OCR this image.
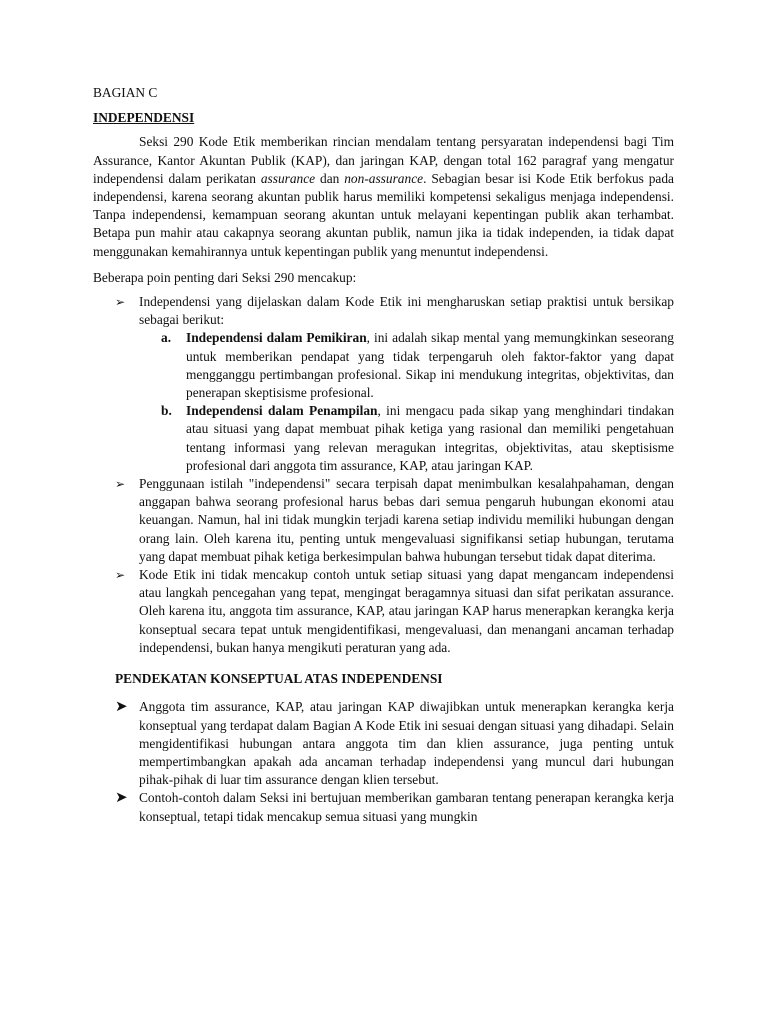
BAGIAN C

INDEPENDENSI

Seksi 290 Kode Etik memberikan rincian mendalam tentang persyaratan independensi bagi Tim Assurance, Kantor Akuntan Publik (KAP), dan jaringan KAP, dengan total 162 paragraf yang mengatur independensi dalam perikatan assurance dan non-assurance. Sebagian besar isi Kode Etik berfokus pada independensi, karena seorang akuntan publik harus memiliki kompetensi sekaligus menjaga independensi. Tanpa independensi, kemampuan seorang akuntan untuk melayani kepentingan publik akan terhambat. Betapa pun mahir atau cakapnya seorang akuntan publik, namun jika ia tidak independen, ia tidak dapat menggunakan kemahirannya untuk kepentingan publik yang menuntut independensi.

Beberapa poin penting dari Seksi 290 mencakup:

➢ Independensi yang dijelaskan dalam Kode Etik ini mengharuskan setiap praktisi untuk bersikap sebagai berikut:
a. Independensi dalam Pemikiran, ini adalah sikap mental yang memungkinkan seseorang untuk memberikan pendapat yang tidak terpengaruh oleh faktor-faktor yang dapat mengganggu pertimbangan profesional. Sikap ini mendukung integritas, objektivitas, dan penerapan skeptisisme profesional.
b. Independensi dalam Penampilan, ini mengacu pada sikap yang menghindari tindakan atau situasi yang dapat membuat pihak ketiga yang rasional dan memiliki pengetahuan tentang informasi yang relevan meragukan integritas, objektivitas, atau skeptisisme profesional dari anggota tim assurance, KAP, atau jaringan KAP.
➢ Penggunaan istilah "independensi" secara terpisah dapat menimbulkan kesalahpahaman, dengan anggapan bahwa seorang profesional harus bebas dari semua pengaruh hubungan ekonomi atau keuangan. Namun, hal ini tidak mungkin terjadi karena setiap individu memiliki hubungan dengan orang lain. Oleh karena itu, penting untuk mengevaluasi signifikansi setiap hubungan, terutama yang dapat membuat pihak ketiga berkesimpulan bahwa hubungan tersebut tidak dapat diterima.
➢ Kode Etik ini tidak mencakup contoh untuk setiap situasi yang dapat mengancam independensi atau langkah pencegahan yang tepat, mengingat beragamnya situasi dan sifat perikatan assurance. Oleh karena itu, anggota tim assurance, KAP, atau jaringan KAP harus menerapkan kerangka kerja konseptual secara tepat untuk mengidentifikasi, mengevaluasi, dan menangani ancaman terhadap independensi, bukan hanya mengikuti peraturan yang ada.

PENDEKATAN KONSEPTUAL ATAS INDEPENDENSI

➤ Anggota tim assurance, KAP, atau jaringan KAP diwajibkan untuk menerapkan kerangka kerja konseptual yang terdapat dalam Bagian A Kode Etik ini sesuai dengan situasi yang dihadapi. Selain mengidentifikasi hubungan antara anggota tim dan klien assurance, juga penting untuk mempertimbangkan apakah ada ancaman terhadap independensi yang muncul dari hubungan pihak-pihak di luar tim assurance dengan klien tersebut.
➤ Contoh-contoh dalam Seksi ini bertujuan memberikan gambaran tentang penerapan kerangka kerja konseptual, tetapi tidak mencakup semua situasi yang mungkin
